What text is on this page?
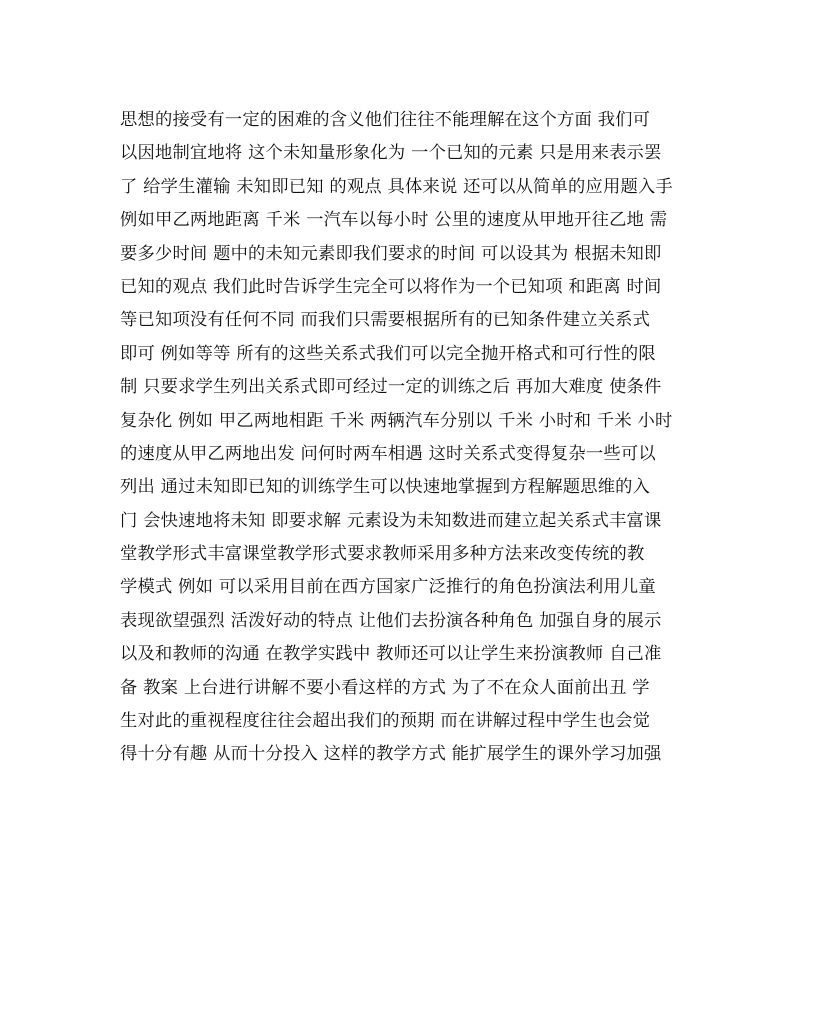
思想的接受有一定的困难的含义他们往往不能理解在这个方面 我们可
以因地制宜地将 这个未知量形象化为 一个已知的元素 只是用来表示罢
了 给学生灌输 未知即已知 的观点 具体来说 还可以从简单的应用题入手
例如甲乙两地距离 千米 一汽车以每小时 公里的速度从甲地开往乙地 需
要多少时间 题中的未知元素即我们要求的时间 可以设其为 根据未知即
已知的观点 我们此时告诉学生完全可以将作为一个已知项 和距离 时间
等已知项没有任何不同 而我们只需要根据所有的已知条件建立关系式
即可 例如等等 所有的这些关系式我们可以完全抛开格式和可行性的限
制 只要求学生列出关系式即可经过一定的训练之后 再加大难度 使条件
复杂化 例如 甲乙两地相距 千米 两辆汽车分别以 千米 小时和 千米 小时
的速度从甲乙两地出发 问何时两车相遇 这时关系式变得复杂一些可以
列出 通过未知即已知的训练学生可以快速地掌握到方程解题思维的入
门 会快速地将未知 即要求解 元素设为未知数进而建立起关系式丰富课
堂教学形式丰富课堂教学形式要求教师采用多种方法来改变传统的教
学模式 例如 可以采用目前在西方国家广泛推行的角色扮演法利用儿童
表现欲望强烈 活泼好动的特点 让他们去扮演各种角色 加强自身的展示
以及和教师的沟通 在教学实践中 教师还可以让学生来扮演教师 自己准
备 教案 上台进行讲解不要小看这样的方式 为了不在众人面前出丑 学
生对此的重视程度往往会超出我们的预期 而在讲解过程中学生也会觉
得十分有趣 从而十分投入 这样的教学方式 能扩展学生的课外学习加强
